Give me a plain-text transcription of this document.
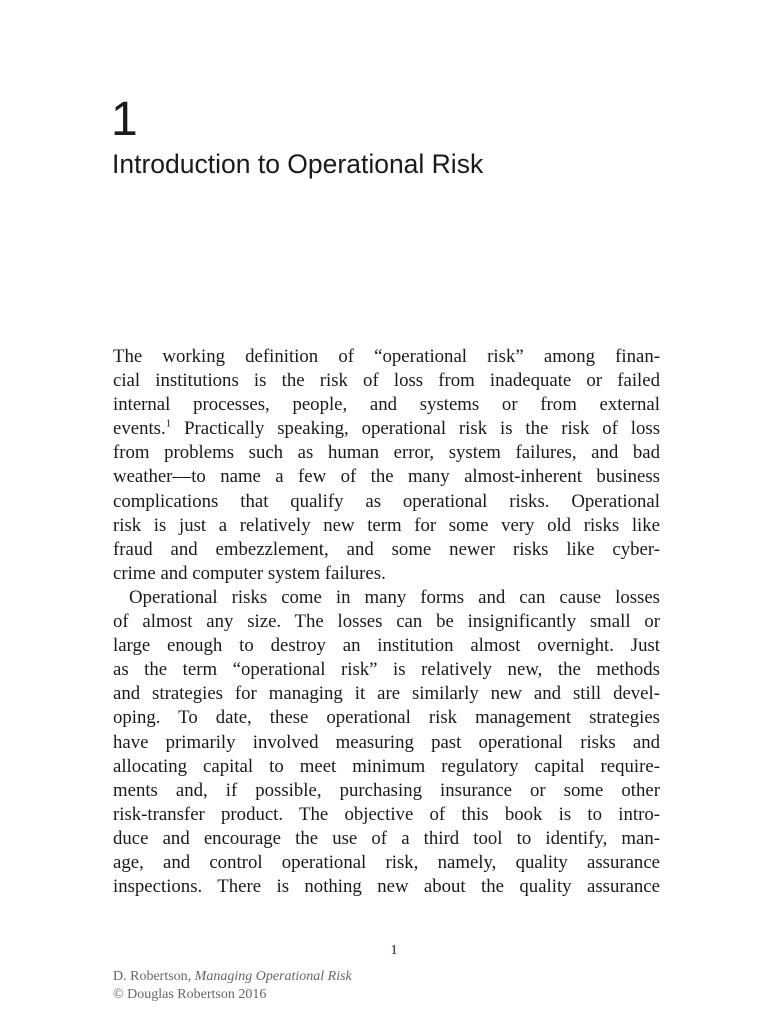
1
Introduction to Operational Risk

The working definition of “operational risk” among finan-
cial institutions is the risk of loss from inadequate or failed
internal processes, people, and systems or from external
events.$^1$ Practically speaking, operational risk is the risk of loss
from problems such as human error, system failures, and bad
weather—to name a few of the many almost-inherent business
complications that qualify as operational risks. Operational
risk is just a relatively new term for some very old risks like
fraud and embezzlement, and some newer risks like cyber-
crime and computer system failures.

Operational risks come in many forms and can cause losses
of almost any size. The losses can be insignificantly small or
large enough to destroy an institution almost overnight. Just
as the term “operational risk” is relatively new, the methods
and strategies for managing it are similarly new and still devel-
oping. To date, these operational risk management strategies
have primarily involved measuring past operational risks and
allocating capital to meet minimum regulatory capital require-
ments and, if possible, purchasing insurance or some other
risk-transfer product. The objective of this book is to intro-
duce and encourage the use of a third tool to identify, man-
age, and control operational risk, namely, quality assurance
inspections. There is nothing new about the quality assurance

1
D. Robertson, Managing Operational Risk
© Douglas Robertson 2016
